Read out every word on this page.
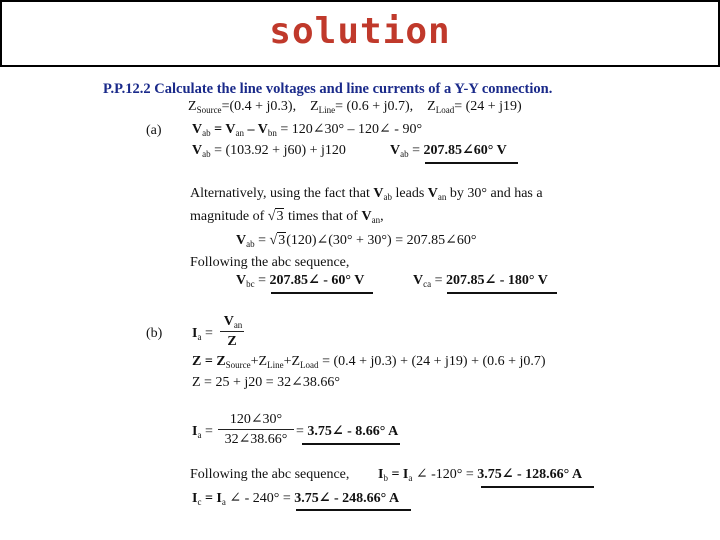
solution
P.P.12.2 Calculate the line voltages and line currents of a Y-Y connection.
$Z_{Source}=(0.4 + j0.3)$, $Z_{Line}= (0.6 + j0.7)$, $Z_{Load}= (24 + j19)$
(a) $V_{ab} = V_{an} - V_{bn}$ = 120∠30° – 120∠ - 90°
$V_{ab} = (103.92 + j60) + j120$	$V_{ab}$ = 207.85∠60° V
Alternatively, using the fact that $V_{ab}$ leads $V_{an}$ by 30° and has a
magnitude of √3 times that of $V_{an}$,
$V_{ab}$ = √3(120)∠(30° + 30°) = 207.85∠60°
Following the abc sequence,
$V_{bc}$ = 207.85∠ - 60° V	$V_{ca}$ = 207.85∠ - 180° V
(b) $I_a$ =
$V_{an}$
Z
$Z = Z_{Source}+Z_{Line}+Z_{Load} = (0.4 + j0.3) + (24 + j19) + (0.6 + j0.7)$
Z = 25 + j20 = 32∠38.66°
$I_a$ =
120∠30°
32∠38.66°
= 3.75∠ - 8.66° A
Following the abc sequence, $I_b = I_a$ ∠ -120° = 3.75∠ - 128.66° A
$I_c = I_a$ ∠ - 240° = 3.75∠ - 248.66° A
